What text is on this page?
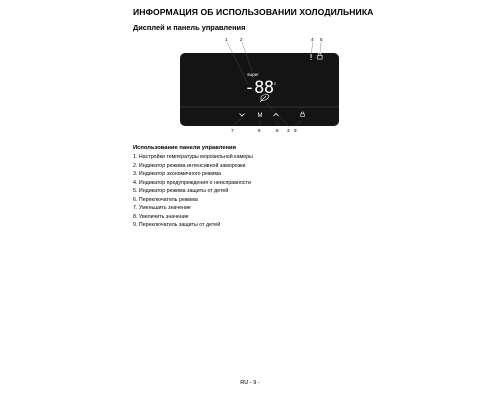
ИНФОРМАЦИЯ ОБ ИСПОЛЬЗОВАНИИ ХОЛОДИЛЬНИКА
Дисплей и панель управления
1	2	4 5
7	6	8 3 9
super
-88 c
M
Использование панели управления
1. Настройки температуры морозильной камеры
2. Индикатор режима интенсивной заморозки
3. Индикатор экономичного режима
4. Индикатор предупреждения о неисправности
5. Индикатор режима защиты от детей
6. Переключатель режима
7. Уменьшить значение
8. Увеличить значение
9. Переключатель защиты от детей
RU - 9 -
